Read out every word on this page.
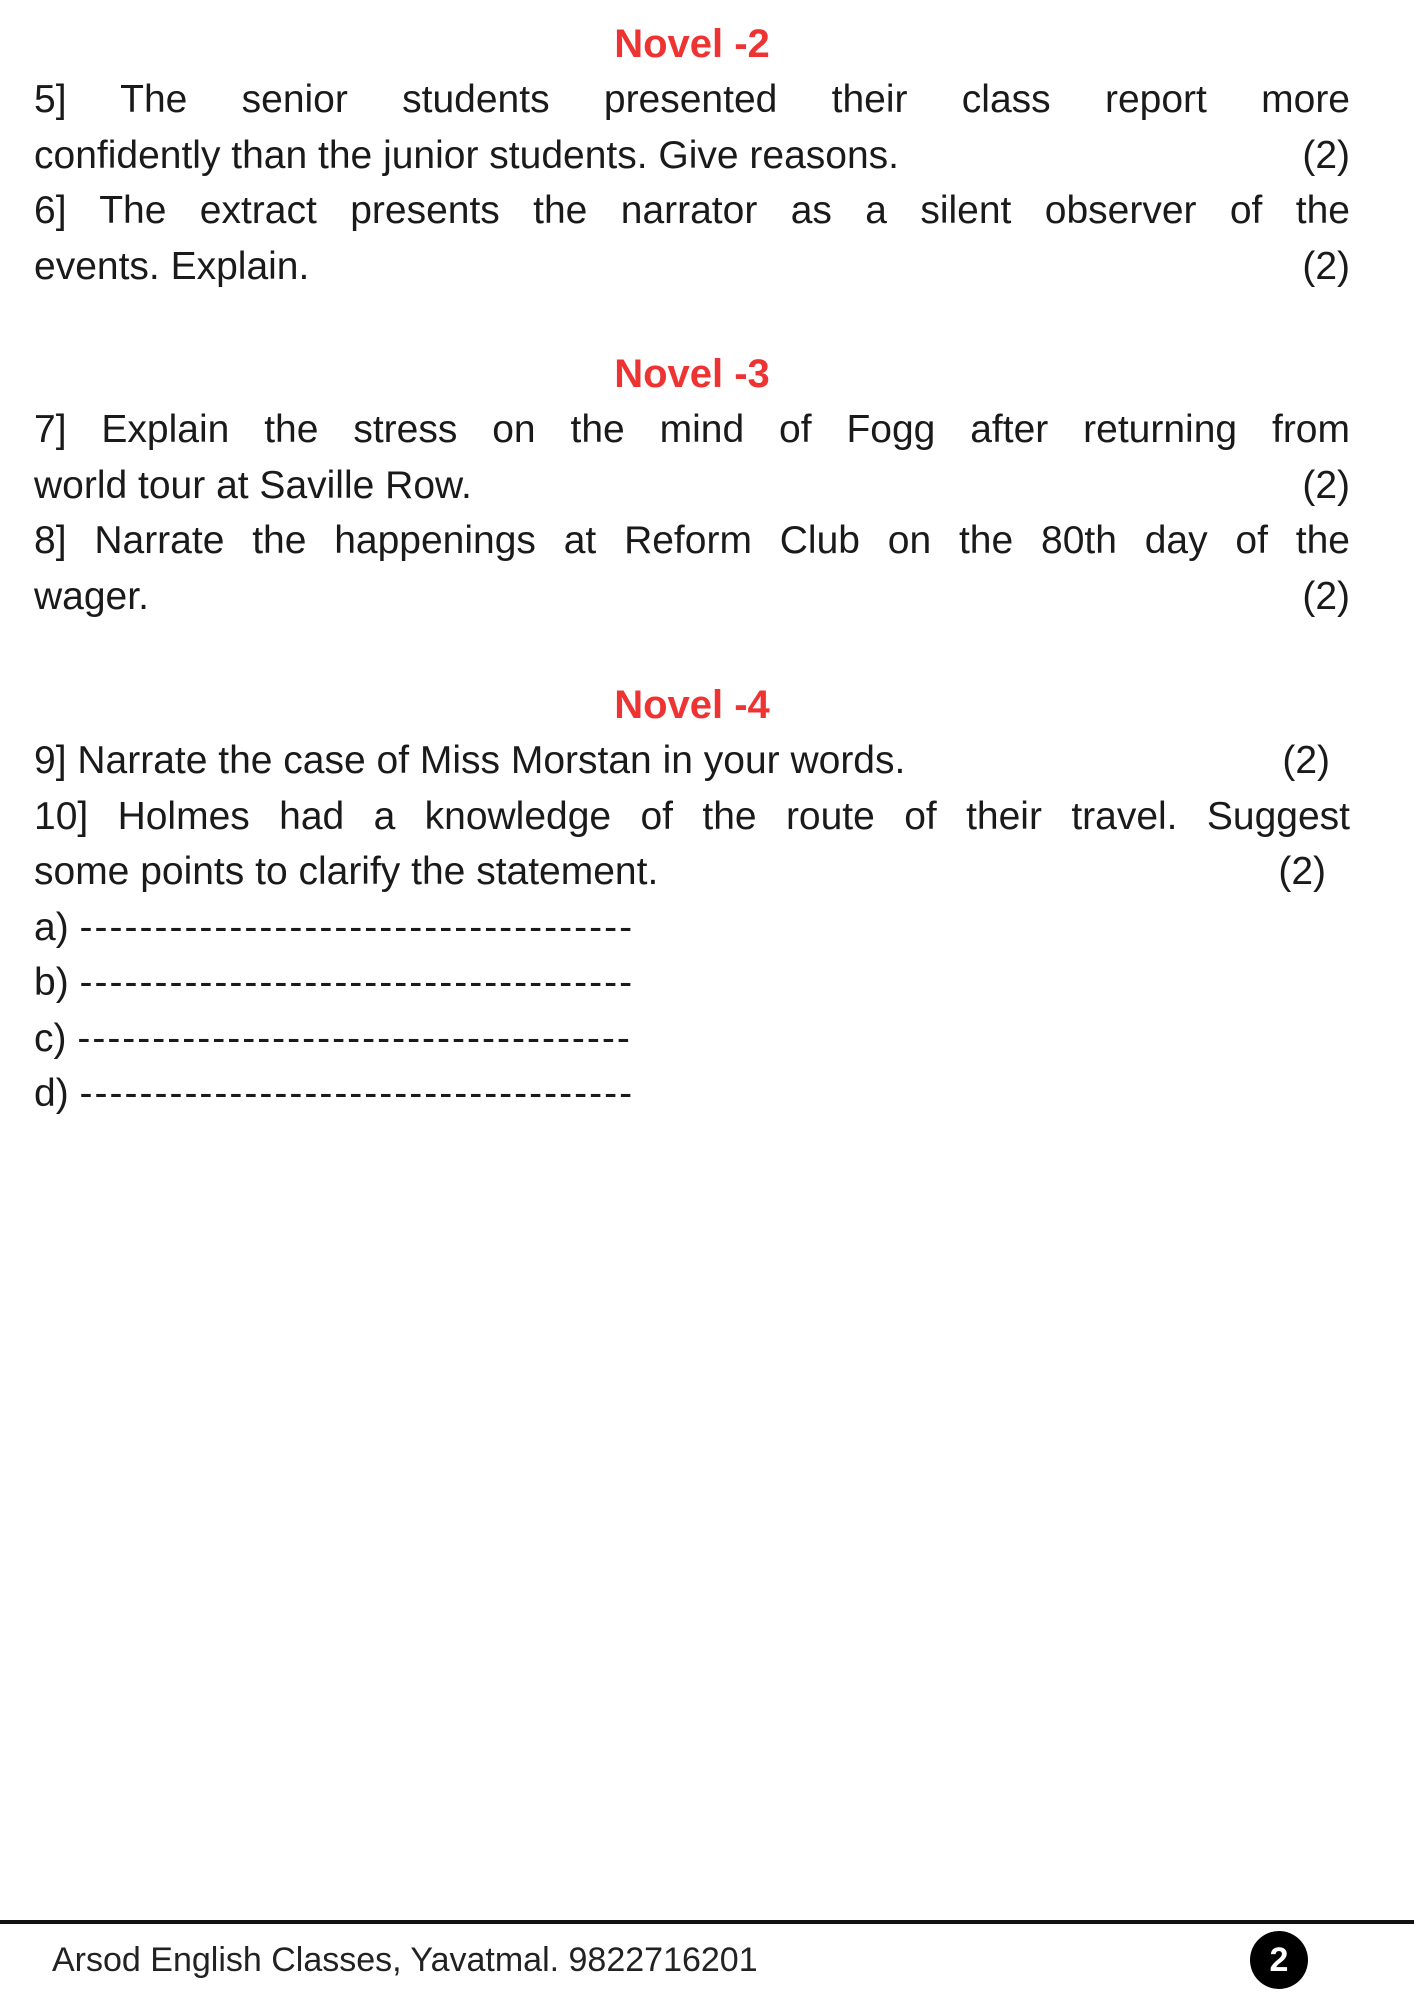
Novel -2

5] The senior students presented their class report more

confidently than the junior students. Give reasons.	(2)

6] The extract presents the narrator as a silent observer of the

events. Explain.	(2)

Novel -3

7] Explain the stress on the mind of Fogg after returning from

world tour at Saville Row.	(2)

8] Narrate the happenings at Reform Club on the 80th day of the

wager.	(2)

Novel -4

9] Narrate the case of Miss Morstan in your words.	(2)

10] Holmes had a knowledge of the route of their travel. Suggest

some points to clarify the statement.	(2)

a) -------------------------------------

b) -------------------------------------

c) -------------------------------------

d) -------------------------------------

Arsod English Classes, Yavatmal. 9822716201	2
